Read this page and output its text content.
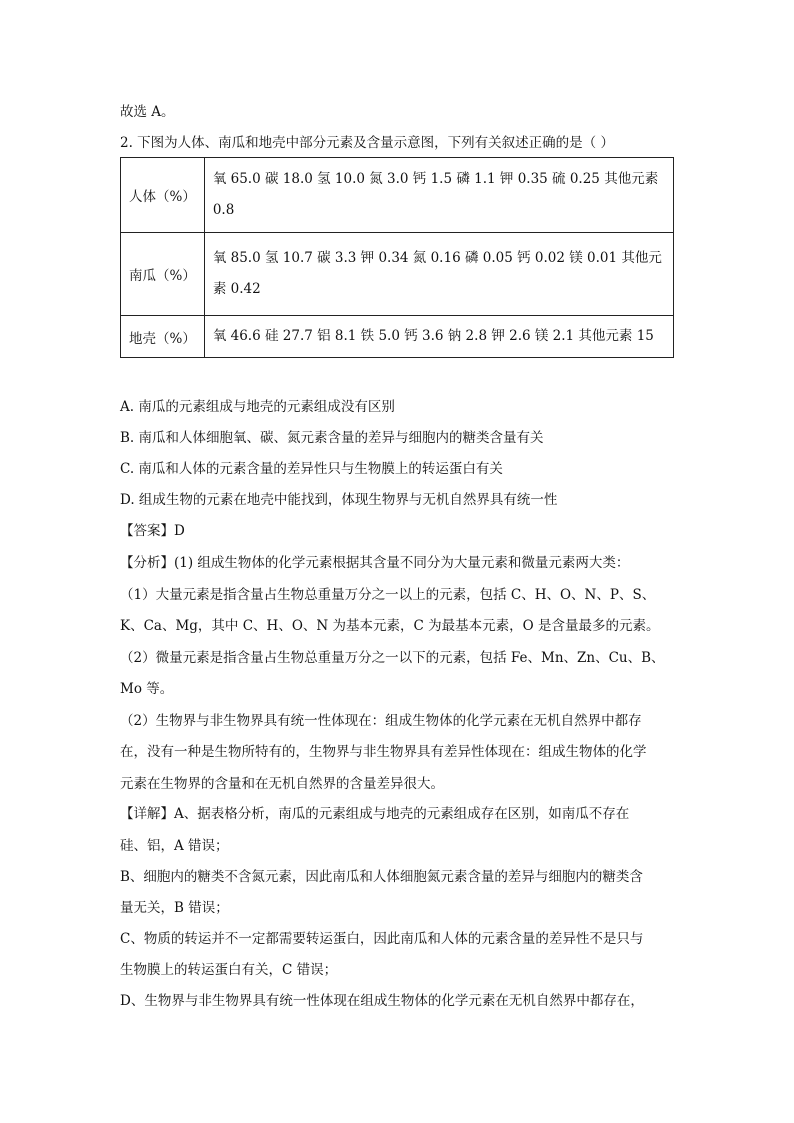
故选 A。
2. 下图为人体、南瓜和地壳中部分元素及含量示意图，下列有关叙述正确的是（ ）
人体（%）	氧 65.0 碳 18.0 氢 10.0 氮 3.0 钙 1.5 磷 1.1 钾 0.35 硫 0.25 其他元素 0.8
南瓜（%）	氧 85.0 氢 10.7 碳 3.3 钾 0.34 氮 0.16 磷 0.05 钙 0.02 镁 0.01 其他元素 0.42
地壳（%）	氧 46.6 硅 27.7 铝 8.1 铁 5.0 钙 3.6 钠 2.8 钾 2.6 镁 2.1 其他元素 15
A. 南瓜的元素组成与地壳的元素组成没有区别
B. 南瓜和人体细胞氧、碳、氮元素含量的差异与细胞内的糖类含量有关
C. 南瓜和人体的元素含量的差异性只与生物膜上的转运蛋白有关
D. 组成生物的元素在地壳中能找到，体现生物界与无机自然界具有统一性
【答案】D
【分析】(1) 组成生物体的化学元素根据其含量不同分为大量元素和微量元素两大类：
（1）大量元素是指含量占生物总重量万分之一以上的元素，包括 C、H、O、N、P、S、
K、Ca、Mg，其中 C、H、O、N 为基本元素，C 为最基本元素，O 是含量最多的元素。
（2）微量元素是指含量占生物总重量万分之一以下的元素，包括 Fe、Mn、Zn、Cu、B、
Mo 等。
（2）生物界与非生物界具有统一性体现在：组成生物体的化学元素在无机自然界中都存
在，没有一种是生物所特有的，生物界与非生物界具有差异性体现在：组成生物体的化学
元素在生物界的含量和在无机自然界的含量差异很大。
【详解】A、据表格分析，南瓜的元素组成与地壳的元素组成存在区别，如南瓜不存在
硅、铝，A 错误；
B、细胞内的糖类不含氮元素，因此南瓜和人体细胞氮元素含量的差异与细胞内的糖类含
量无关，B 错误；
C、物质的转运并不一定都需要转运蛋白，因此南瓜和人体的元素含量的差异性不是只与
生物膜上的转运蛋白有关，C 错误；
D、生物界与非生物界具有统一性体现在组成生物体的化学元素在无机自然界中都存在，
